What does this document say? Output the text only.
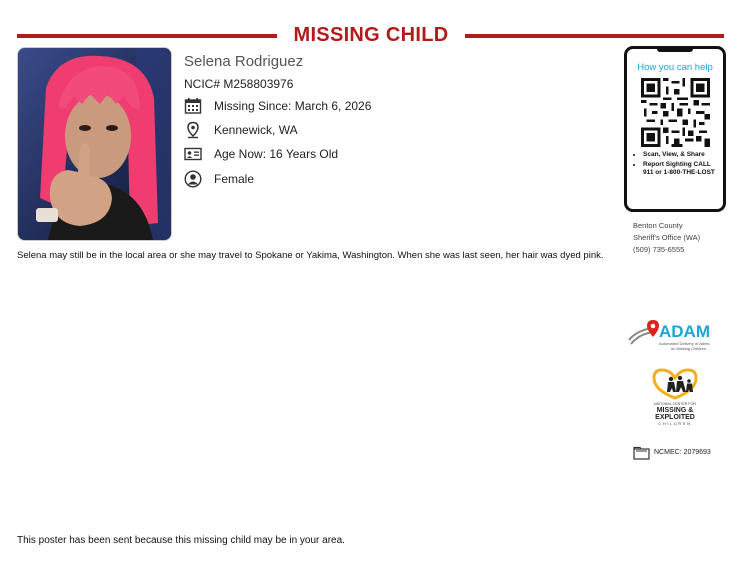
MISSING CHILD
Selena Rodriguez
NCIC# M258803976
Missing Since: March 6, 2026
Kennewick, WA
Age Now: 16 Years Old
Female
Selena may still be in the local area or she may travel to Spokane or Yakima, Washington. When she was last seen, her hair was dyed pink.
How you can help
• Scan, View, & Share
• Report Sighting CALL 911 or 1-800-THE-LOST
Benton County
Sheriff's Office (WA)
(509) 735-6555
ADAM
Automated Delivery of Alerts
on Missing Children
NATIONAL CENTER FOR
MISSING &
EXPLOITED
CHILDREN
NCMEC: 2079693
This poster has been sent because this missing child may be in your area.
